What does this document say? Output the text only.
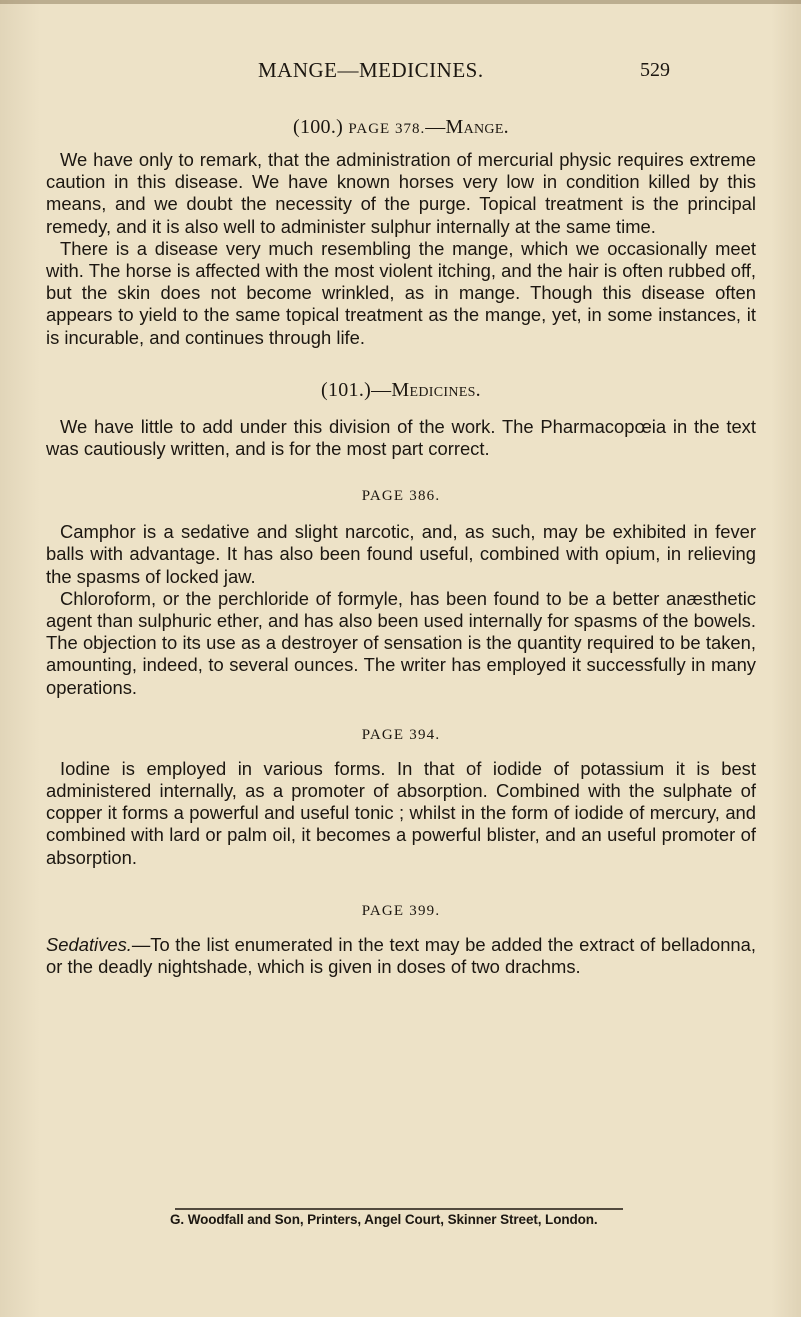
MANGE—MEDICINES.	529

(100.) PAGE 378.—Mange.

We have only to remark, that the administration of mercurial physic requires extreme caution in this disease. We have known horses very low in condition killed by this means, and we doubt the necessity of the purge. Topical treatment is the principal remedy, and it is also well to administer sulphur internally at the same time.

There is a disease very much resembling the mange, which we occasionally meet with. The horse is affected with the most violent itching, and the hair is often rubbed off, but the skin does not become wrinkled, as in mange. Though this disease often appears to yield to the same topical treatment as the mange, yet, in some instances, it is incurable, and continues through life.

(101.)—Medicines.

We have little to add under this division of the work. The Pharmacopœia in the text was cautiously written, and is for the most part correct.

PAGE 386.

Camphor is a sedative and slight narcotic, and, as such, may be exhibited in fever balls with advantage. It has also been found useful, combined with opium, in relieving the spasms of locked jaw.

Chloroform, or the perchloride of formyle, has been found to be a better anæsthetic agent than sulphuric ether, and has also been used internally for spasms of the bowels. The objection to its use as a destroyer of sensation is the quantity required to be taken, amounting, indeed, to several ounces. The writer has employed it successfully in many operations.

PAGE 394.

Iodine is employed in various forms. In that of iodide of potassium it is best administered internally, as a promoter of absorption. Combined with the sulphate of copper it forms a powerful and useful tonic ; whilst in the form of iodide of mercury, and combined with lard or palm oil, it becomes a powerful blister, and an useful promoter of absorption.

PAGE 399.

Sedatives.—To the list enumerated in the text may be added the extract of belladonna, or the deadly nightshade, which is given in doses of two drachms.

G. Woodfall and Son, Printers, Angel Court, Skinner Street, London.
